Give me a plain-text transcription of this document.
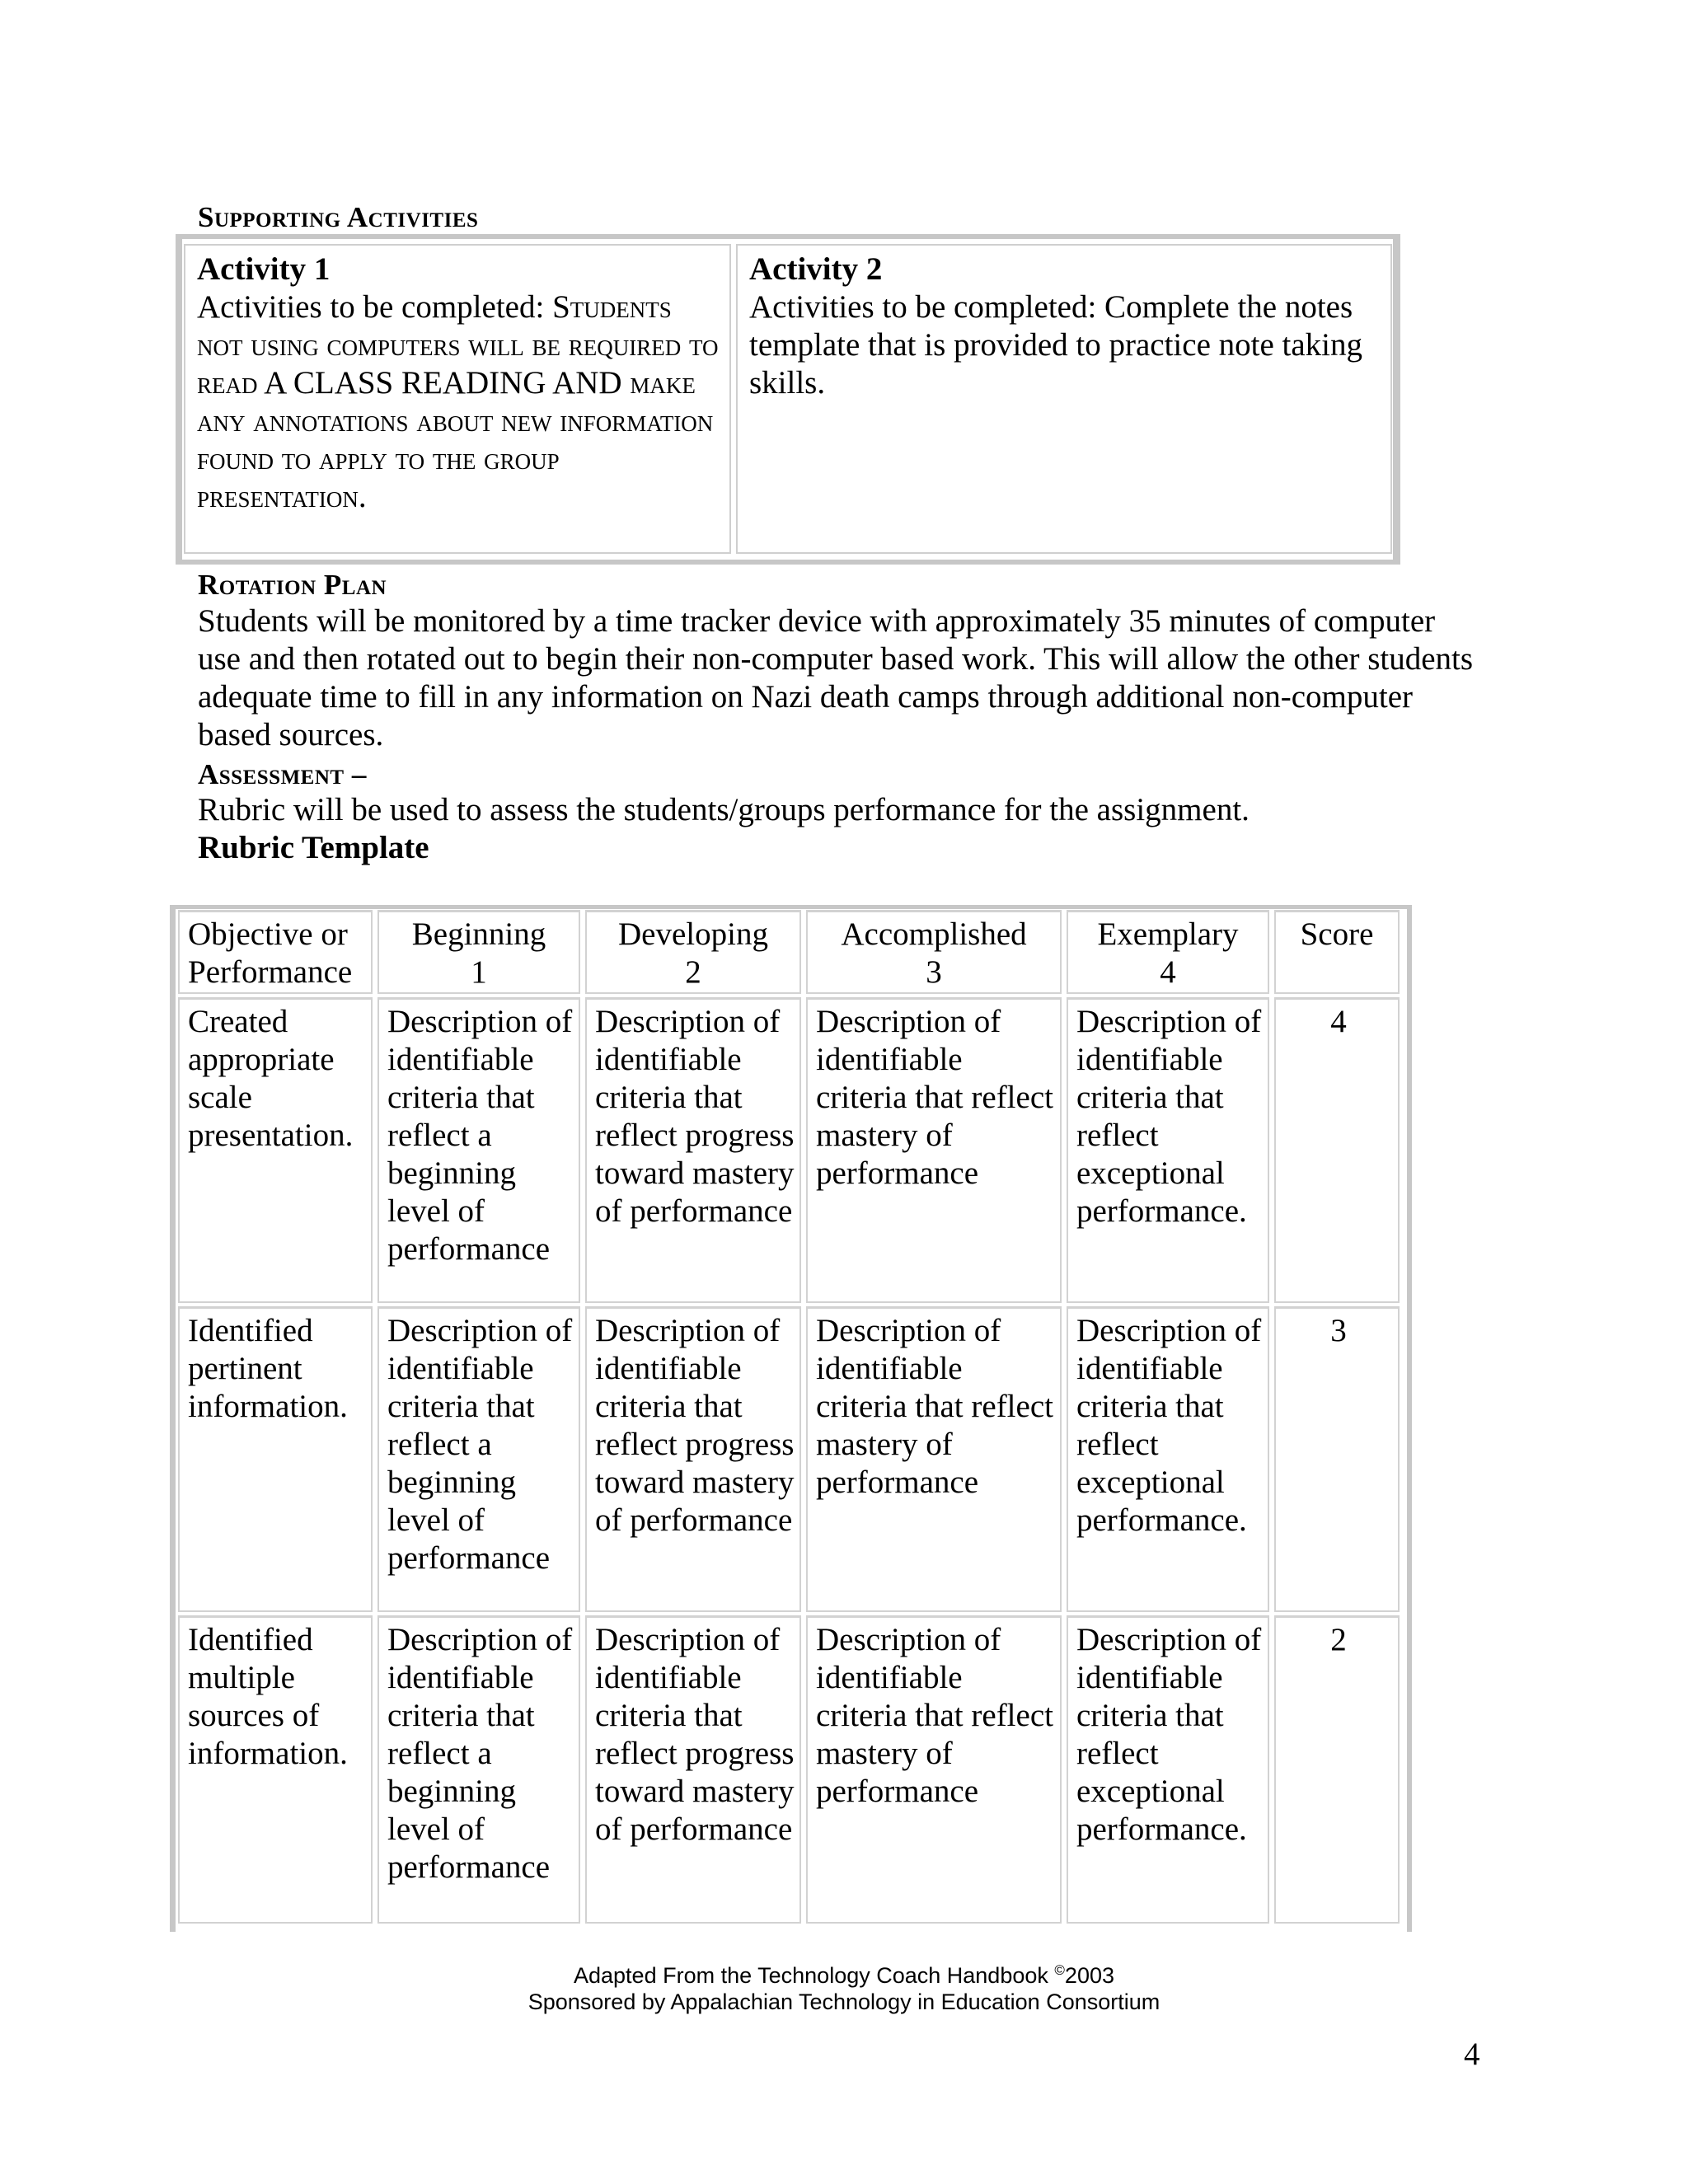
Supporting Activities
Activity 1
Activities to be completed: Students not using computers will be required to read A CLASS READING AND make any annotations about new information found to apply to the group presentation.
Activity 2
Activities to be completed: Complete the notes template that is provided to practice note taking skills.
Rotation Plan
Students will be monitored by a time tracker device with approximately 35 minutes of computer use and then rotated out to begin their non-computer based work. This will allow the other students adequate time to fill in any information on Nazi death camps through additional non-computer based sources.
Assessment –
Rubric will be used to assess the students/groups performance for the assignment.
Rubric Template
Objective or Performance
Beginning
1
Developing
2
Accomplished
3
Exemplary
4
Score
Created appropriate scale presentation.
Description of identifiable criteria that reflect a beginning level of performance
Description of identifiable criteria that reflect progress toward mastery of performance
Description of identifiable criteria that reflect mastery of performance
Description of identifiable criteria that reflect exceptional performance.
4
Identified pertinent information.
Description of identifiable criteria that reflect a beginning level of performance
Description of identifiable criteria that reflect progress toward mastery of performance
Description of identifiable criteria that reflect mastery of performance
Description of identifiable criteria that reflect exceptional performance.
3
Identified multiple sources of information.
Description of identifiable criteria that reflect a beginning level of performance
Description of identifiable criteria that reflect progress toward mastery of performance
Description of identifiable criteria that reflect mastery of performance
Description of identifiable criteria that reflect exceptional performance.
2
Adapted From the Technology Coach Handbook ©2003
Sponsored by Appalachian Technology in Education Consortium
4
